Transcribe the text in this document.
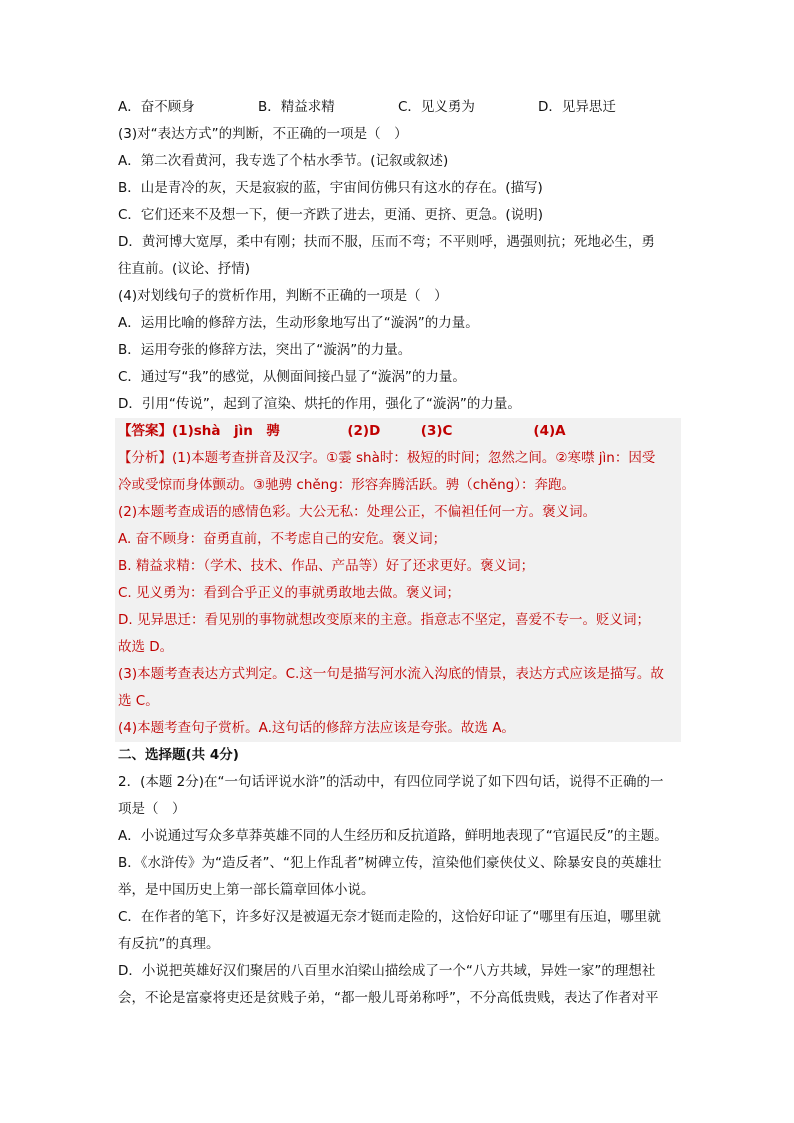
A．奋不顾身	B．精益求精	C．见义勇为	D．见异思迁
(3)对“表达方式”的判断，不正确的一项是（　）
A．第二次看黄河，我专选了个枯水季节。(记叙或叙述)
B．山是青冷的灰，天是寂寂的蓝，宇宙间仿佛只有这水的存在。(描写)
C．它们还来不及想一下，便一齐跌了进去，更涌、更挤、更急。(说明)
D．黄河博大宽厚，柔中有刚；扶而不服，压而不弯；不平则呼，遇强则抗；死地必生，勇
往直前。(议论、抒情)
(4)对划线句子的赏析作用，判断不正确的一项是（　）
A．运用比喻的修辞方法，生动形象地写出了“漩涡”的力量。
B．运用夸张的修辞方法，突出了“漩涡”的力量。
C．通过写“我”的感觉，从侧面间接凸显了“漩涡”的力量。
D．引用“传说”，起到了渲染、烘托的作用，强化了“漩涡”的力量。
【答案】(1)shà　jìn　骋　　　　　(2)D　　　(3)C　　　　　　(4)A
【分析】(1)本题考查拼音及汉字。①霎 shà时：极短的时间；忽然之间。②寒噤 jìn：因受
冷或受惊而身体颤动。③驰骋 chěng：形容奔腾活跃。骋（chěng）：奔跑。
(2)本题考查成语的感情色彩。大公无私：处理公正，不偏袒任何一方。褒义词。
A. 奋不顾身：奋勇直前，不考虑自己的安危。褒义词；
B. 精益求精：（学术、技术、作品、产品等）好了还求更好。褒义词；
C. 见义勇为：看到合乎正义的事就勇敢地去做。褒义词；
D. 见异思迁：看见别的事物就想改变原来的主意。指意志不坚定，喜爱不专一。贬义词；
故选 D。
(3)本题考查表达方式判定。C.这一句是描写河水流入沟底的情景，表达方式应该是描写。故
选 C。
(4)本题考查句子赏析。A.这句话的修辞方法应该是夸张。故选 A。
二、选择题(共 4分)
2．(本题 2分)在“一句话评说水浒”的活动中，有四位同学说了如下四句话，说得不正确的一
项是（　）
A．小说通过写众多草莽英雄不同的人生经历和反抗道路，鲜明地表现了“官逼民反”的主题。
B．《水浒传》为“造反者”、“犯上作乱者”树碑立传，渲染他们豪侠仗义、除暴安良的英雄壮
举，是中国历史上第一部长篇章回体小说。
C．在作者的笔下，许多好汉是被逼无奈才铤而走险的，这恰好印证了“哪里有压迫，哪里就
有反抗”的真理。
D．小说把英雄好汉们聚居的八百里水泊梁山描绘成了一个“八方共域，异姓一家”的理想社
会，不论是富豪将吏还是贫贱子弟，“都一般儿哥弟称呼”，不分高低贵贱，表达了作者对平
